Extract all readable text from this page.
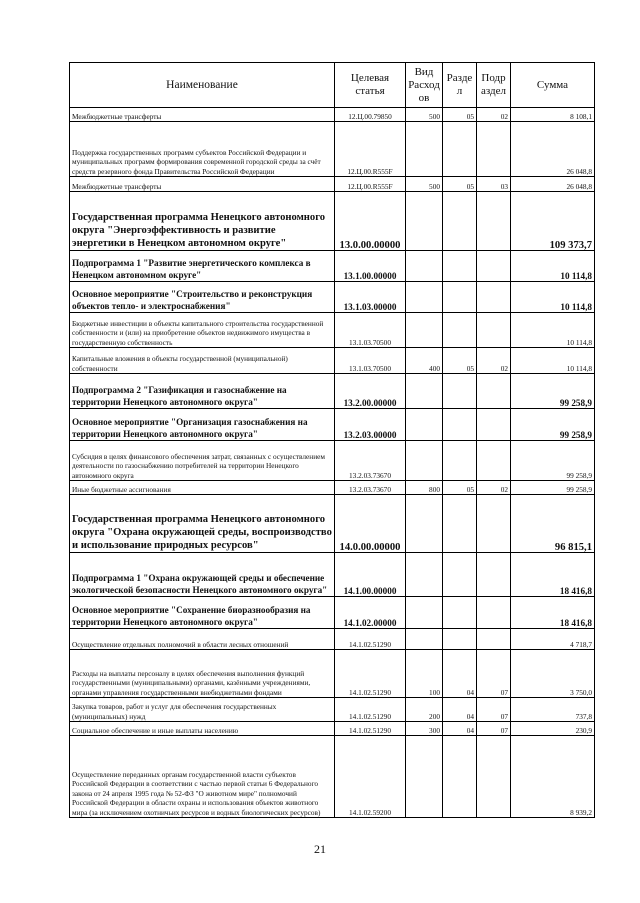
Наименование	Целевая статья	Вид Расход ов	Разде л	Подр аздел	Сумма
Межбюджетные трансферты	12.Ц.00.79850	500	05	02	8 108,1
Поддержка государственных программ субъектов Российской Федерации и муниципальных программ формирования современной городской среды за счёт средств резервного фонда Правительства Российской Федерации	12.Ц.00.R555F				26 048,8
Межбюджетные трансферты	12.Ц.00.R555F	500	05	03	26 048,8
Государственная программа Ненецкого автономного округа "Энергоэффективность и развитие энергетики в Ненецком автономном округе"	13.0.00.00000				109 373,7
Подпрограмма 1 "Развитие энергетического комплекса в Ненецком автономном округе"	13.1.00.00000				10 114,8
Основное мероприятие "Строительство и реконструкция объектов тепло- и электроснабжения"	13.1.03.00000				10 114,8
Бюджетные инвестиции в объекты капитального строительства государственной собственности и (или) на приобретение объектов недвижимого имущества в государственную собственность	13.1.03.70500				10 114,8
Капитальные вложения в объекты государственной (муниципальной) собственности	13.1.03.70500	400	05	02	10 114,8
Подпрограмма 2 "Газификация и газоснабжение на территории Ненецкого автономного округа"	13.2.00.00000				99 258,9
Основное мероприятие "Организация газоснабжения на территории Ненецкого автономного округа"	13.2.03.00000				99 258,9
Субсидия в целях финансового обеспечения затрат, связанных с осуществлением деятельности по газоснабжению потребителей на территории Ненецкого автономного округа	13.2.03.73670				99 258,9
Иные бюджетные ассигнования	13.2.03.73670	800	05	02	99 258,9
Государственная программа Ненецкого автономного округа "Охрана окружающей среды, воспроизводство и использование природных ресурсов"	14.0.00.00000				96 815,1
Подпрограмма 1 "Охрана окружающей среды и обеспечение экологической безопасности Ненецкого автономного округа"	14.1.00.00000				18 416,8
Основное мероприятие "Сохранение биоразнообразия на территории Ненецкого автономного округа"	14.1.02.00000				18 416,8
Осуществление отдельных полномочий в области лесных отношений	14.1.02.51290				4 718,7
Расходы на выплаты персоналу в целях обеспечения выполнения функций государственными (муниципальными) органами, казёнными учреждениями, органами управления государственными внебюджетными фондами	14.1.02.51290	100	04	07	3 750,0
Закупка товаров, работ и услуг для обеспечения государственных (муниципальных) нужд	14.1.02.51290	200	04	07	737,8
Социальное обеспечение и иные выплаты населению	14.1.02.51290	300	04	07	230,9
Осуществление переданных органам государственной власти субъектов Российской Федерации в соответствии с частью первой статьи 6 Федерального закона от 24 апреля 1995 года № 52-ФЗ "О животном мире" полномочий Российской Федерации в области охраны и использования объектов животного мира (за исключением охотничьих ресурсов и водных биологических ресурсов)	14.1.02.59200				8 939,2
21
